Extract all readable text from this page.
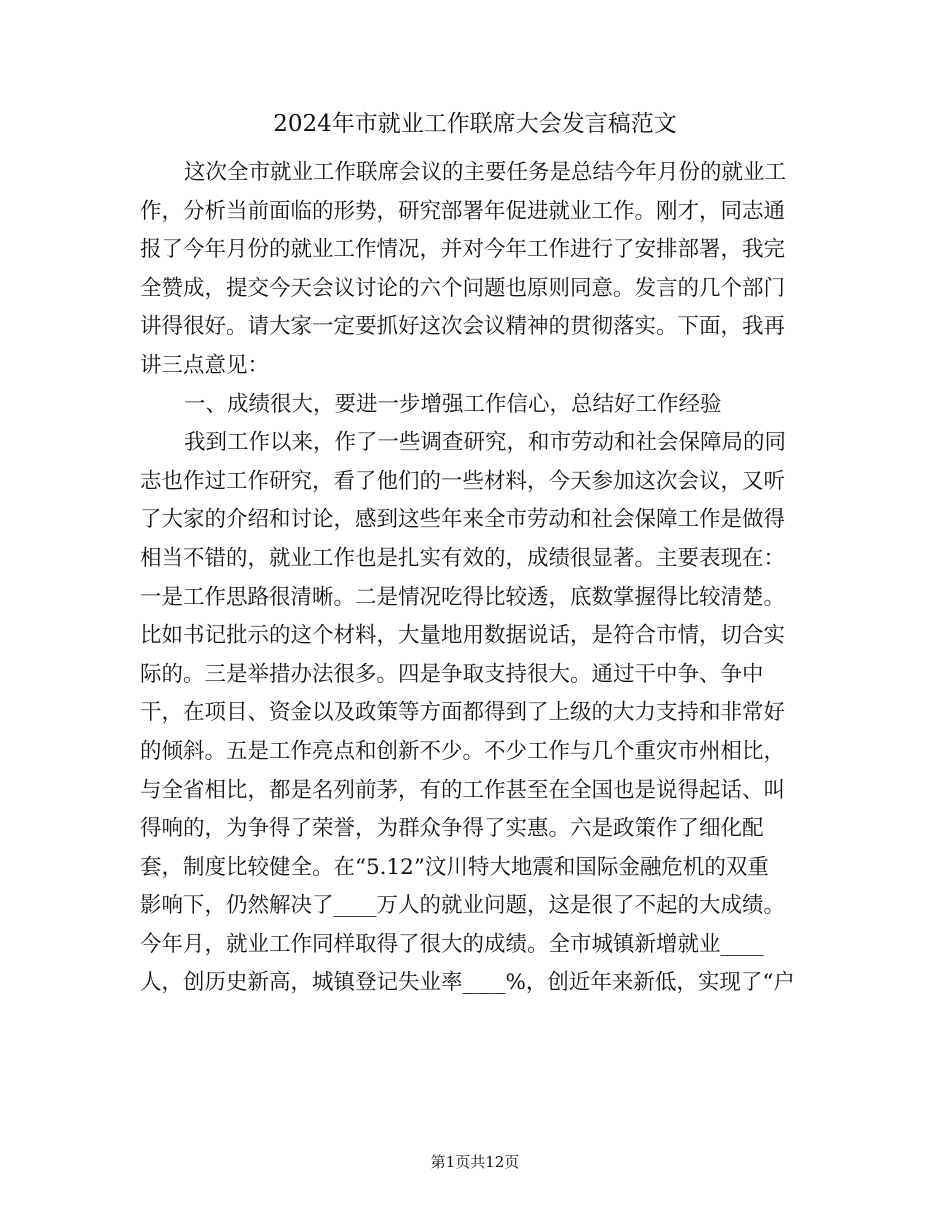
2024年市就业工作联席大会发言稿范文
这次全市就业工作联席会议的主要任务是总结今年月份的就业工
作，分析当前面临的形势，研究部署年促进就业工作。刚才，同志通
报了今年月份的就业工作情况，并对今年工作进行了安排部署，我完
全赞成，提交今天会议讨论的六个问题也原则同意。发言的几个部门
讲得很好。请大家一定要抓好这次会议精神的贯彻落实。下面，我再
讲三点意见：
一、成绩很大，要进一步增强工作信心，总结好工作经验
我到工作以来，作了一些调查研究，和市劳动和社会保障局的同
志也作过工作研究，看了他们的一些材料，今天参加这次会议，又听
了大家的介绍和讨论，感到这些年来全市劳动和社会保障工作是做得
相当不错的，就业工作也是扎实有效的，成绩很显著。主要表现在：
一是工作思路很清晰。二是情况吃得比较透，底数掌握得比较清楚。
比如书记批示的这个材料，大量地用数据说话，是符合市情，切合实
际的。三是举措办法很多。四是争取支持很大。通过干中争、争中
干，在项目、资金以及政策等方面都得到了上级的大力支持和非常好
的倾斜。五是工作亮点和创新不少。不少工作与几个重灾市州相比，
与全省相比，都是名列前茅，有的工作甚至在全国也是说得起话、叫
得响的，为争得了荣誉，为群众争得了实惠。六是政策作了细化配
套，制度比较健全。在“5.12”汶川特大地震和国际金融危机的双重
影响下，仍然解决了____万人的就业问题，这是很了不起的大成绩。
今年月，就业工作同样取得了很大的成绩。全市城镇新增就业____
人，创历史新高，城镇登记失业率____%，创近年来新低，实现了“户
第1页共12页
